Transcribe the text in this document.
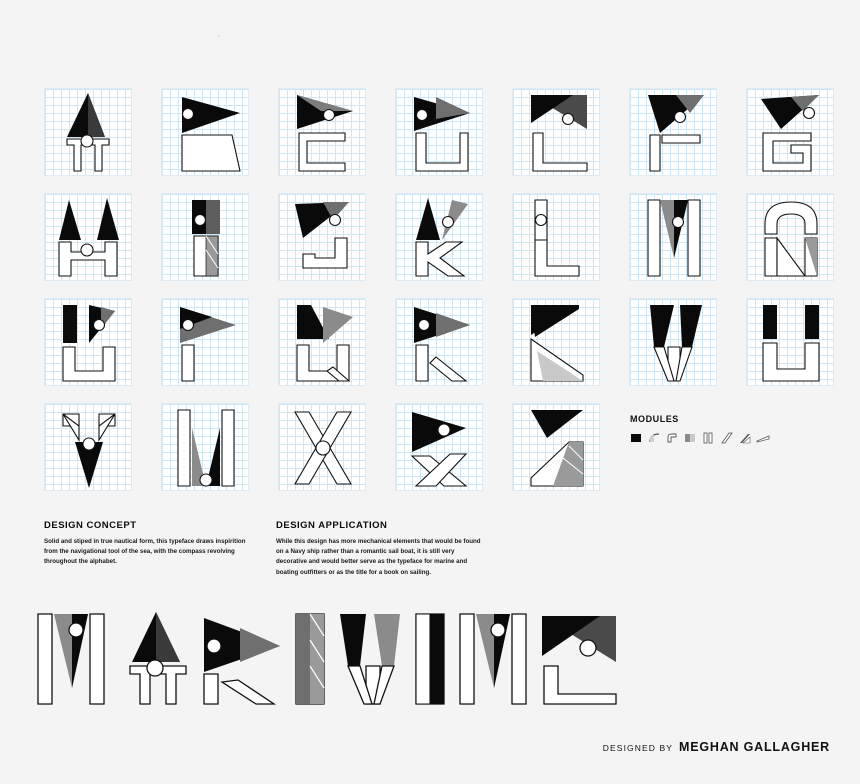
ˋ
MODULES
DESIGN CONCEPT

Solid and stiped in true nautical form, this typeface draws inspirition from the navigational tool of the sea, with the compass revolving throughout the alphabet.

DESIGN APPLICATION

While this design has more mechanical elements that would be found on a Navy ship rather than a romantic sail boat, it is still very decorative and would better serve as the typeface for marine and boating outfitters or as the title for a book on sailing.

DESIGNED BY MEGHAN GALLAGHER
